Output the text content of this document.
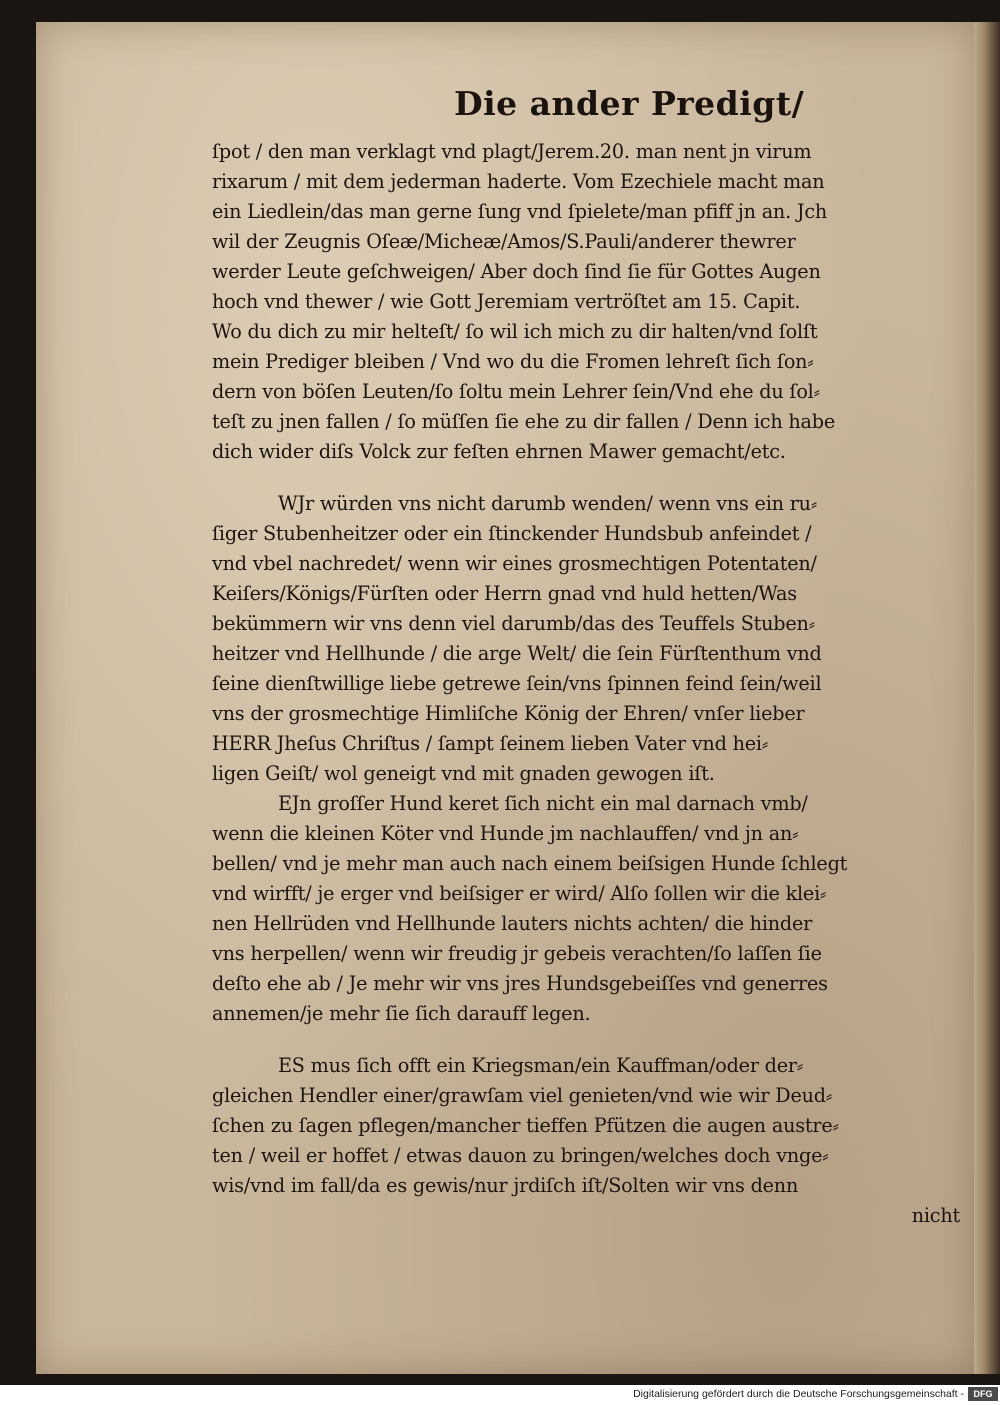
Die ander Predigt/
ſpot / den man verklagt vnd plagt/Jerem.20. man nent jn virum
rixarum / mit dem jederman haderte. Vom Ezechiele macht man
ein Liedlein/das man gerne ſung vnd ſpielete/man pfiff jn an. Jch
wil der Zeugnis Oſeæ/Micheæ/Amos/S.Pauli/anderer thewrer
werder Leute geſchweigen/ Aber doch ſind ſie für Gottes Augen
hoch vnd thewer / wie Gott Jeremiam vertröſtet am 15. Capit.
Wo du dich zu mir helteſt/ ſo wil ich mich zu dir halten/vnd ſolſt
mein Prediger bleiben / Vnd wo du die Fromen lehreſt ſich ſon⸗
dern von böſen Leuten/ſo ſoltu mein Lehrer ſein/Vnd ehe du ſol⸗
teſt zu jnen fallen / ſo müſſen ſie ehe zu dir fallen / Denn ich habe
dich wider diſs Volck zur feſten ehrnen Mawer gemacht/etc.
WJr würden vns nicht darumb wenden/ wenn vns ein ru⸗
ſiger Stubenheitzer oder ein ſtinckender Hundsbub anfeindet /
vnd vbel nachredet/ wenn wir eines grosmechtigen Potentaten/
Keiſers/Königs/Fürſten oder Herrn gnad vnd huld hetten/Was
bekümmern wir vns denn viel darumb/das des Teuffels Stuben⸗
heitzer vnd Hellhunde / die arge Welt/ die ſein Fürſtenthum vnd
ſeine dienſtwillige liebe getrewe ſein/vns ſpinnen feind ſein/weil
vns der grosmechtige Himliſche König der Ehren/ vnſer lieber
HERR Jheſus Chriſtus / ſampt ſeinem lieben Vater vnd hei⸗
ligen Geiſt/ wol geneigt vnd mit gnaden gewogen iſt.
EJn groſſer Hund keret ſich nicht ein mal darnach vmb/
wenn die kleinen Köter vnd Hunde jm nachlauffen/ vnd jn an⸗
bellen/ vnd je mehr man auch nach einem beiſsigen Hunde ſchlegt
vnd wirfft/ je erger vnd beiſsiger er wird/ Alſo ſollen wir die klei⸗
nen Hellrüden vnd Hellhunde lauters nichts achten/ die hinder
vns herpellen/ wenn wir freudig jr gebeis verachten/ſo laſſen ſie
deſto ehe ab / Je mehr wir vns jres Hundsgebeiſſes vnd generres
annemen/je mehr ſie ſich darauff legen.
ES mus ſich offt ein Kriegsman/ein Kauffman/oder der⸗
gleichen Hendler einer/grawſam viel genieten/vnd wie wir Deud⸗
ſchen zu ſagen pflegen/mancher tieffen Pfützen die augen austre⸗
ten / weil er hoffet / etwas dauon zu bringen/welches doch vnge⸗
wis/vnd im fall/da es gewis/nur jrdiſch iſt/Solten wir vns denn
nicht
Digitalisierung gefördert durch die Deutsche Forschungsgemeinschaft -	DFG
